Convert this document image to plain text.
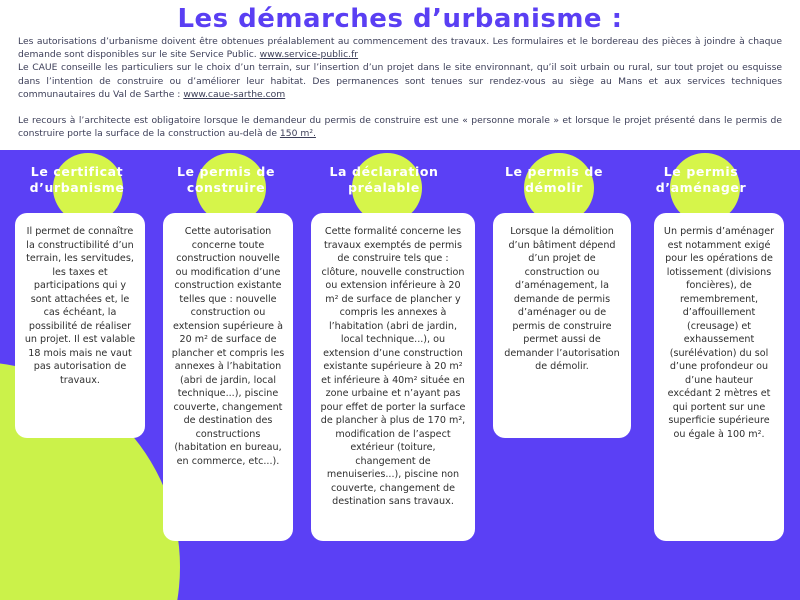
Les démarches d’urbanisme :

Les autorisations d’urbanisme doivent être obtenues préalablement au commencement des travaux. Les formulaires et le bordereau des pièces à joindre à chaque demande sont disponibles sur le site Service Public. www.service-public.fr

Le CAUE conseille les particuliers sur le choix d’un terrain, sur l’insertion d’un projet dans le site environnant, qu’il soit urbain ou rural, sur tout projet ou esquisse dans l’intention de construire ou d’améliorer leur habitat. Des permanences sont tenues sur rendez-vous au siège au Mans et aux services techniques communautaires du Val de Sarthe : www.caue-sarthe.com

Le recours à l’architecte est obligatoire lorsque le demandeur du permis de construire est une « personne morale » et lorsque le projet présenté dans le permis de construire porte la surface de la construction au-delà de 150 m².

Le certificat d’urbanisme
Le permis de construire
La déclaration préalable
Le permis de démolir
Le permis d’aménager

Il permet de connaître la constructibilité d’un terrain, les servitudes, les taxes et participations qui y sont attachées et, le cas échéant, la possibilité de réaliser un projet. Il est valable 18 mois mais ne vaut pas autorisation de travaux.

Cette autorisation concerne toute construction nouvelle ou modification d’une construction existante telles que : nouvelle construction ou extension supérieure à 20 m² de surface de plancher et compris les annexes à l’habitation (abri de jardin, local technique...), piscine couverte, changement de destination des constructions (habitation en bureau, en commerce, etc...).

Cette formalité concerne les travaux exemptés de permis de construire tels que : clôture, nouvelle construction ou extension inférieure à 20 m² de surface de plancher y compris les annexes à l’habitation (abri de jardin, local technique...), ou extension d’une construction existante supérieure à 20 m² et inférieure à 40m² située en zone urbaine et n’ayant pas pour effet de porter la surface de plancher à plus de 170 m², modification de l’aspect extérieur (toiture, changement de menuiseries...), piscine non couverte, changement de destination sans travaux.

Lorsque la démolition d’un bâtiment dépend d’un projet de construction ou d’aménagement, la demande de permis d’aménager ou de permis de construire permet aussi de demander l’autorisation de démolir.

Un permis d’aménager est notamment exigé pour les opérations de lotissement (divisions foncières), de remembrement, d’affouillement (creusage) et exhaussement (surélévation) du sol d’une profondeur ou d’une hauteur excédant 2 mètres et qui portent sur une superficie supérieure ou égale à 100 m².
